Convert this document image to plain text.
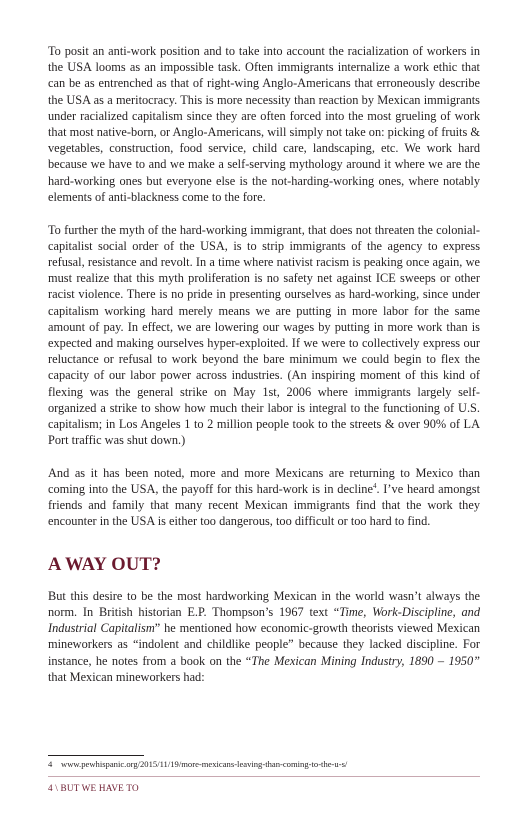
To posit an anti-work position and to take into account the racialization of workers in the USA looms as an impossible task. Often immigrants internalize a work ethic that can be as entrenched as that of right-wing Anglo-Americans that erroneously describe the USA as a meritocracy. This is more necessity than reaction by Mexican immigrants under racialized capitalism since they are often forced into the most grueling of work that most native-born, or Anglo-Americans, will simply not take on: picking of fruits & vegetables, construction, food service, child care, landscaping, etc. We work hard because we have to and we make a self-serving mythology around it where we are the hard-working ones but everyone else is the not-harding-working ones, where notably elements of anti-blackness come to the fore.

To further the myth of the hard-working immigrant, that does not threaten the colonial-capitalist social order of the USA, is to strip immigrants of the agency to express refusal, resistance and revolt. In a time where nativist racism is peaking once again, we must realize that this myth proliferation is no safety net against ICE sweeps or other racist violence. There is no pride in presenting ourselves as hard-working, since under capitalism working hard merely means we are putting in more labor for the same amount of pay. In effect, we are lowering our wages by putting in more work than is expected and making ourselves hyper-exploited. If we were to collectively express our reluctance or refusal to work beyond the bare minimum we could begin to flex the capacity of our labor power across industries. (An inspiring moment of this kind of flexing was the general strike on May 1st, 2006 where immigrants largely self-organized a strike to show how much their labor is integral to the functioning of U.S. capitalism; in Los Angeles 1 to 2 million people took to the streets & over 90% of LA Port traffic was shut down.)

And as it has been noted, more and more Mexicans are returning to Mexico than coming into the USA, the payoff for this hard-work is in decline$^4$. I’ve heard amongst friends and family that many recent Mexican immigrants find that the work they encounter in the USA is either too dangerous, too difficult or too hard to find.

A WAY OUT?

But this desire to be the most hardworking Mexican in the world wasn’t always the norm. In British historian E.P. Thompson’s 1967 text “Time, Work-Discipline, and Industrial Capitalism” he mentioned how economic-growth theorists viewed Mexican mineworkers as “indolent and childlike people” because they lacked discipline. For instance, he notes from a book on the “The Mexican Mining Industry, 1890 – 1950” that Mexican mineworkers had:

4 www.pewhispanic.org/2015/11/19/more-mexicans-leaving-than-coming-to-the-u-s/
4 \ BUT WE HAVE TO
